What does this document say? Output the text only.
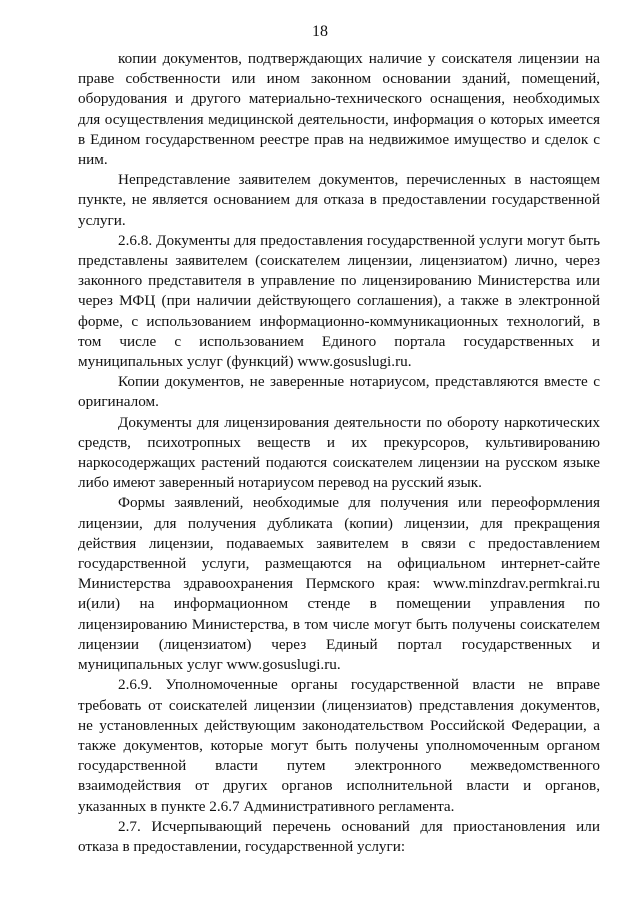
18

копии документов, подтверждающих наличие у соискателя лицензии на праве собственности или ином законном основании зданий, помещений, оборудования и другого материально-технического оснащения, необходимых для осуществления медицинской деятельности, информация о которых имеется в Едином государственном реестре прав на недвижимое имущество и сделок с ним.

Непредставление заявителем документов, перечисленных в настоящем пункте, не является основанием для отказа в предоставлении государственной услуги.

2.6.8. Документы для предоставления государственной услуги могут быть представлены заявителем (соискателем лицензии, лицензиатом) лично, через законного представителя в управление по лицензированию Министерства или через МФЦ (при наличии действующего соглашения), а также в электронной форме, с использованием информационно-коммуникационных технологий, в том числе с использованием Единого портала государственных и муниципальных услуг (функций) www.gosuslugi.ru.

Копии документов, не заверенные нотариусом, представляются вместе с оригиналом.

Документы для лицензирования деятельности по обороту наркотических средств, психотропных веществ и их прекурсоров, культивированию наркосодержащих растений подаются соискателем лицензии на русском языке либо имеют заверенный нотариусом перевод на русский язык.

Формы заявлений, необходимые для получения или переоформления лицензии, для получения дубликата (копии) лицензии, для прекращения действия лицензии, подаваемых заявителем в связи с предоставлением государственной услуги, размещаются на официальном интернет-сайте Министерства здравоохранения Пермского края: www.minzdrav.permkrai.ru и(или) на информационном стенде в помещении управления по лицензированию Министерства, в том числе могут быть получены соискателем лицензии (лицензиатом) через Единый портал государственных и муниципальных услуг www.gosuslugi.ru.

2.6.9. Уполномоченные органы государственной власти не вправе требовать от соискателей лицензии (лицензиатов) представления документов, не установленных действующим законодательством Российской Федерации, а также документов, которые могут быть получены уполномоченным органом государственной власти путем электронного межведомственного взаимодействия от других органов исполнительной власти и органов, указанных в пункте 2.6.7 Административного регламента.

2.7. Исчерпывающий перечень оснований для приостановления или отказа в предоставлении, государственной услуги:
